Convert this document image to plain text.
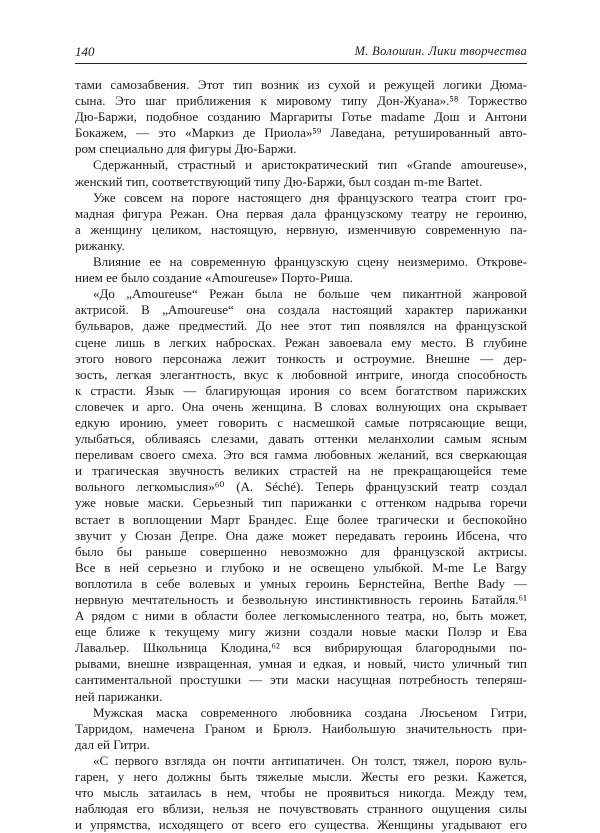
140	М. Волошин. Лики творчества
тами самозабвения. Этот тип возник из сухой и режущей логики Дюма-
сына. Это шаг приближения к мировому типу Дон-Жуана».⁵⁸ Торжество
Дю-Баржи, подобное созданию Маргариты Готье madame Дош и Антони
Бокажем, — это «Маркиз де Приола»⁵⁹ Лаведана, ретушированный авто-
ром специально для фигуры Дю-Баржи.
Сдержанный, страстный и аристократический тип «Grande amoureuse»,
женский тип, соответствующий типу Дю-Баржи, был создан m-me Bartet.
Уже совсем на пороге настоящего дня французского театра стоит гро-
мадная фигура Режан. Она первая дала французскому театру не героиню,
а женщину целиком, настоящую, нервную, изменчивую современную па-
рижанку.
Влияние ее на современную французскую сцену неизмеримо. Открове-
нием ее было создание «Amoureuse» Порто-Риша.
«До „Amoureuse“ Режан была не больше чем пикантной жанровой
актрисой. В „Amoureuse“ она создала настоящий характер парижанки
бульваров, даже предместий. До нее этот тип появлялся на французской
сцене лишь в легких набросках. Режан завоевала ему место. В глубине
этого нового персонажа лежит тонкость и остроумие. Внешне — дер-
зость, легкая элегантность, вкус к любовной интриге, иногда способность
к страсти. Язык — благирующая ирония со всем богатством парижских
словечек и арго. Она очень женщина. В словах волнующих она скрывает
едкую иронию, умеет говорить с насмешкой самые потрясающие вещи,
улыбаться, обливаясь слезами, давать оттенки меланхолии самым ясным
переливам своего смеха. Это вся гамма любовных желаний, вся сверкающая
и трагическая звучность великих страстей на не прекращающейся теме
вольного легкомыслия»⁶⁰ (A. Séché). Теперь французский театр создал
уже новые маски. Серьезный тип парижанки с оттенком надрыва горечи
встает в воплощении Март Брандес. Еще более трагически и беспокойно
звучит у Сюзан Депре. Она даже может передавать героинь Ибсена, что
было бы раньше совершенно невозможно для французской актрисы.
Все в ней серьезно и глубоко и не освещено улыбкой. M-me Le Bargy
воплотила в себе волевых и умных героинь Бернстейна, Berthe Bady —
нервную мечтательность и безвольную инстинктивность героинь Батайля.⁶¹
А рядом с ними в области более легкомысленного театра, но, быть может,
еще ближе к текущему мигу жизни создали новые маски Полэр и Ева
Лавальер. Школьница Клодина,⁶² вся вибрирующая благородными по-
рывами, внешне извращенная, умная и едкая, и новый, чисто уличный тип
сантиментальной простушки — эти маски насущная потребность теперяш-
ней парижанки.
Мужская маска современного любовника создана Люсьеном Гитри,
Тарридом, намечена Граном и Брюлэ. Наибольшую значительность при-
дал ей Гитри.
«С первого взгляда он почти антипатичен. Он толст, тяжел, порою вуль-
гарен, у него должны быть тяжелые мысли. Жесты его резки. Кажется,
что мысль затаилась в нем, чтобы не проявиться никогда. Между тем,
наблюдая его вблизи, нельзя не почувствовать странного ощущения силы
и упрямства, исходящего от всего его существа. Женщины угадывают его
